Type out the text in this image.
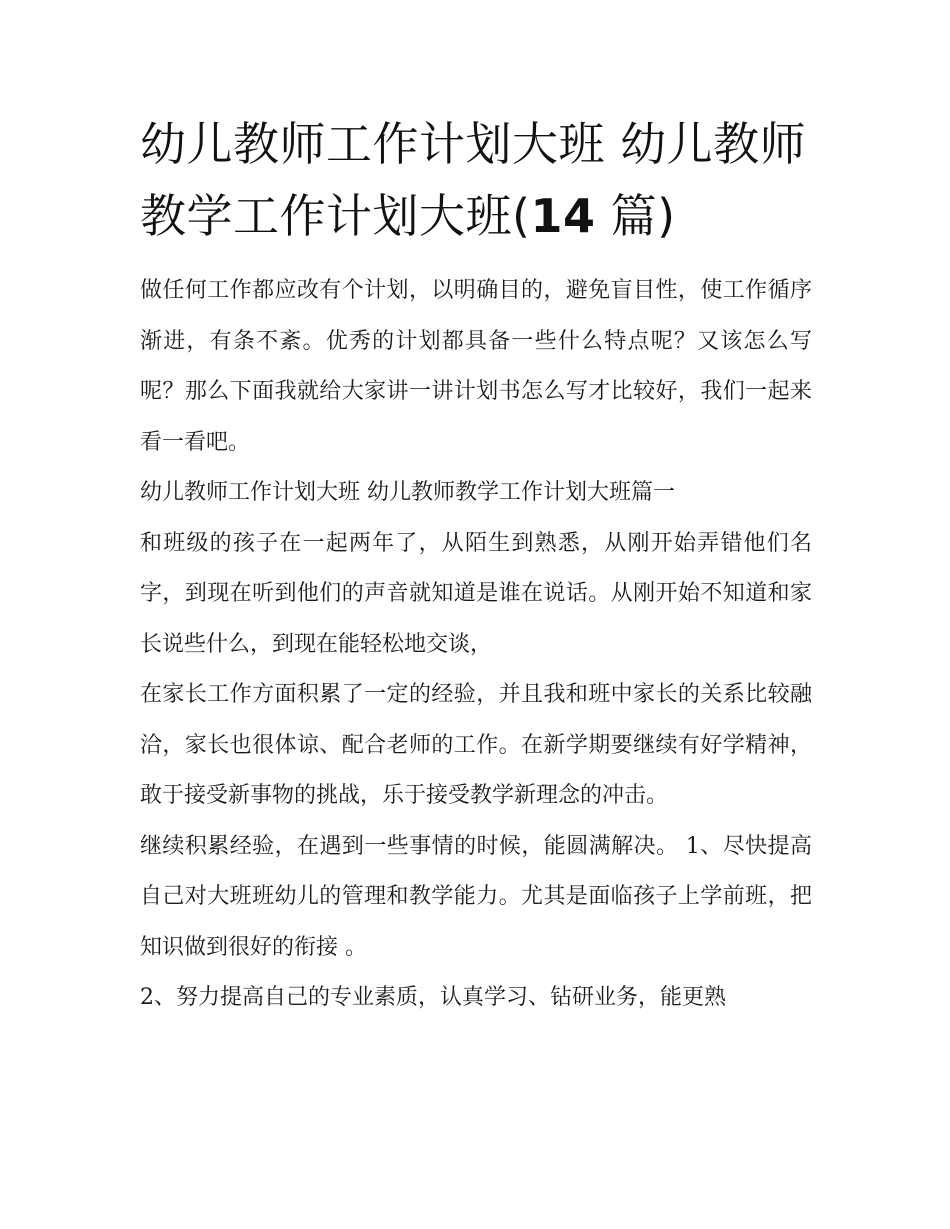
幼儿教师工作计划大班 幼儿教师教学工作计划大班(14 篇)

做任何工作都应改有个计划，以明确目的，避免盲目性，使工作循序渐进，有条不紊。优秀的计划都具备一些什么特点呢？又该怎么写呢？那么下面我就给大家讲一讲计划书怎么写才比较好，我们一起来看一看吧。

幼儿教师工作计划大班 幼儿教师教学工作计划大班篇一

和班级的孩子在一起两年了，从陌生到熟悉，从刚开始弄错他们名字，到现在听到他们的声音就知道是谁在说话。从刚开始不知道和家长说些什么，到现在能轻松地交谈，

在家长工作方面积累了一定的经验，并且我和班中家长的关系比较融洽，家长也很体谅、配合老师的工作。在新学期要继续有好学精神，敢于接受新事物的挑战，乐于接受教学新理念的冲击。

继续积累经验，在遇到一些事情的时候，能圆满解决。 1、尽快提高自己对大班班幼儿的管理和教学能力。尤其是面临孩子上学前班，把知识做到很好的衔接 。

2、努力提高自己的专业素质，认真学习、钻研业务，能更熟
